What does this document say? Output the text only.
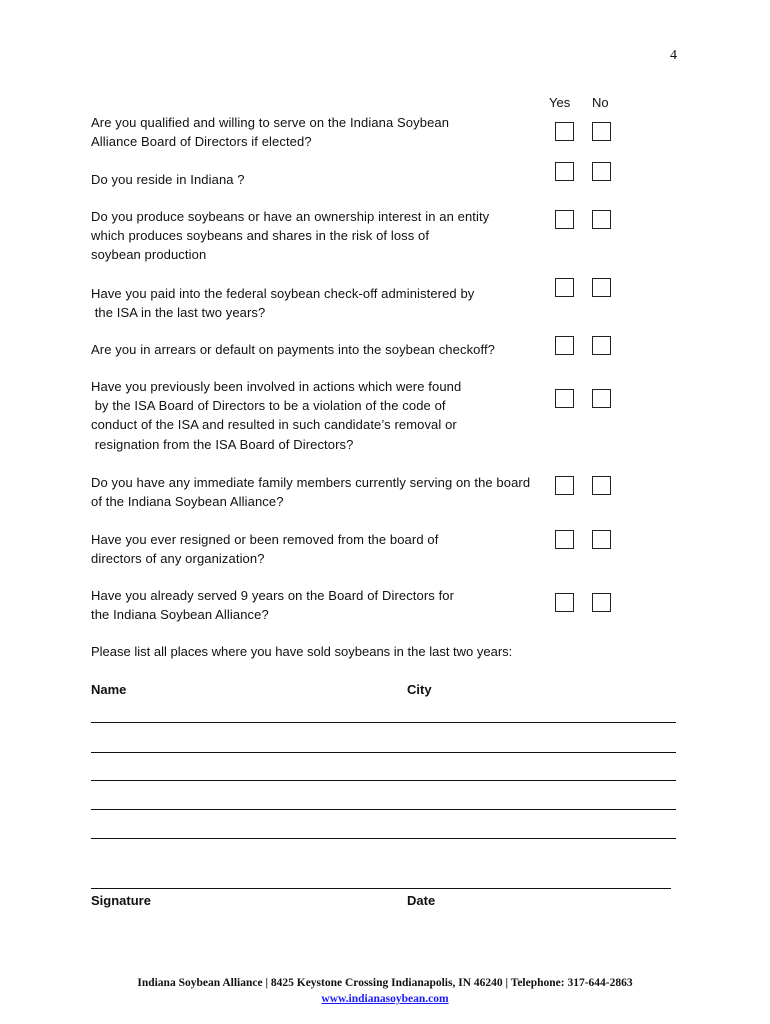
4
Yes No
Are you qualified and willing to serve on the Indiana Soybean
Alliance Board of Directors if elected?
Do you reside in Indiana ?
Do you produce soybeans or have an ownership interest in an entity
which produces soybeans and shares in the risk of loss of
soybean production
Have you paid into the federal soybean check-off administered by
the ISA in the last two years?
Are you in arrears or default on payments into the soybean checkoff?
Have you previously been involved in actions which were found
by the ISA Board of Directors to be a violation of the code of
conduct of the ISA and resulted in such candidate’s removal or
resignation from the ISA Board of Directors?
Do you have any immediate family members currently serving on the board
of the Indiana Soybean Alliance?
Have you ever resigned or been removed from the board of
directors of any organization?
Have you already served 9 years on the Board of Directors for
the Indiana Soybean Alliance?
Please list all places where you have sold soybeans in the last two years:
Name	City
Signature	Date
Indiana Soybean Alliance | 8425 Keystone Crossing Indianapolis, IN 46240 | Telephone: 317-644-2863
www.indianasoybean.com
